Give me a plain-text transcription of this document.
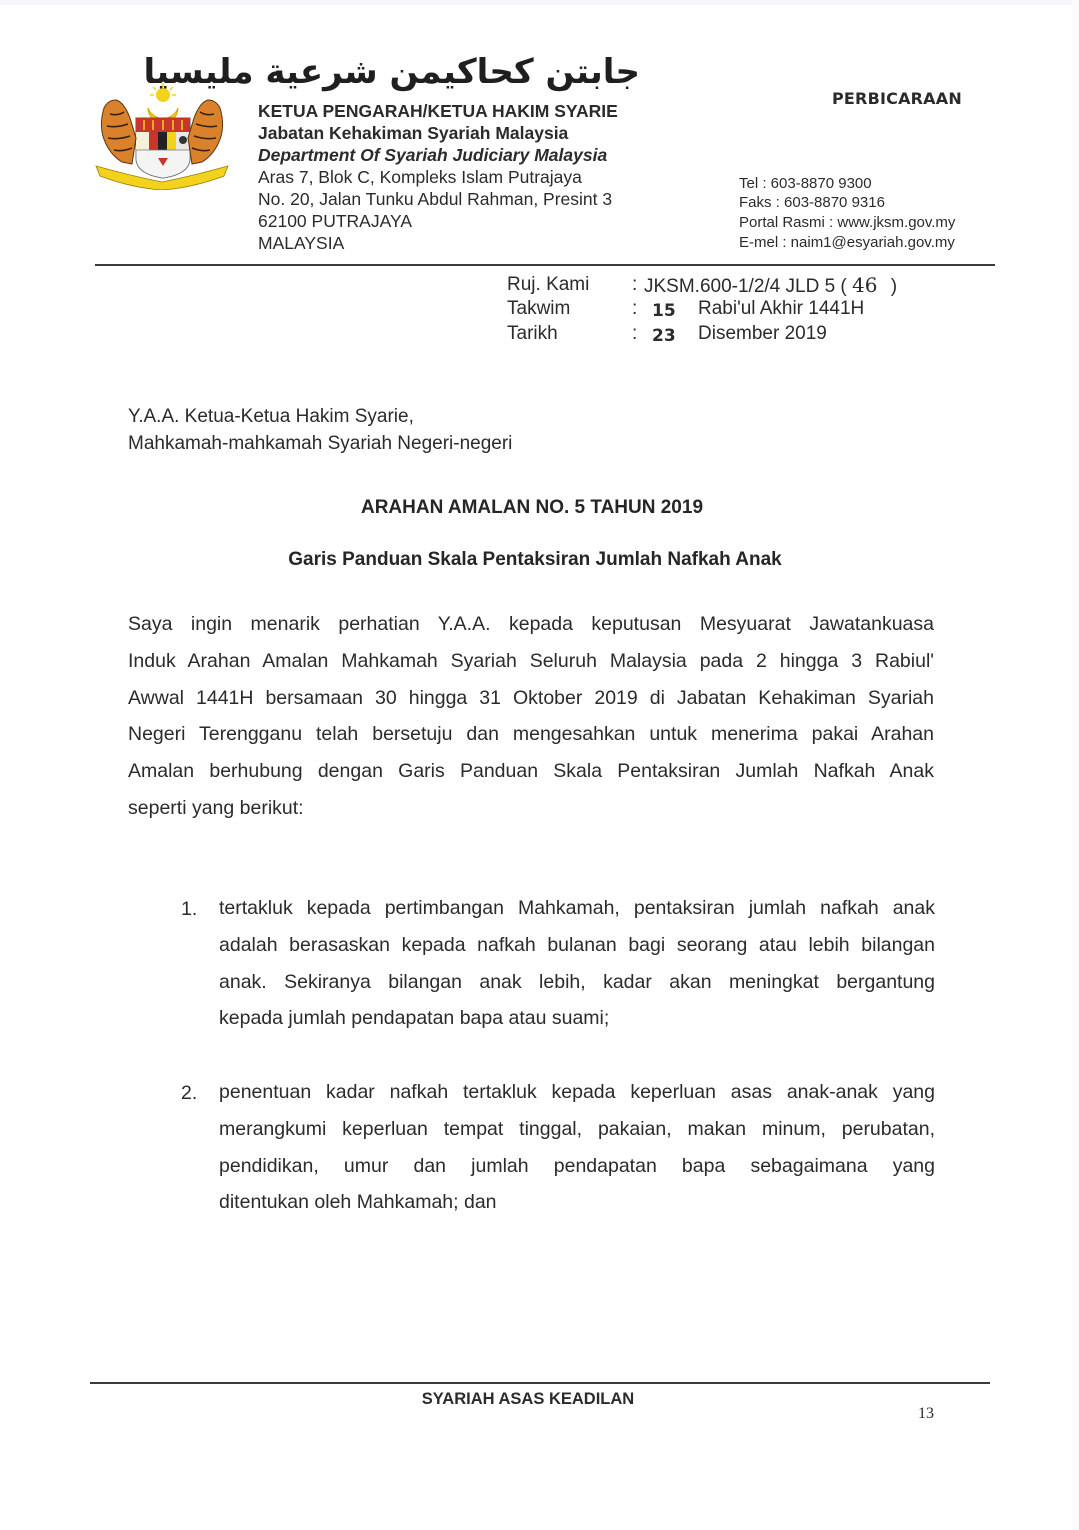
جابتن كحاكيمن شرعية مليسيا
KETUA PENGARAH/KETUA HAKIM SYARIE
Jabatan Kehakiman Syariah Malaysia
Department Of Syariah Judiciary Malaysia
Aras 7, Blok C, Kompleks Islam Putrajaya
No. 20, Jalan Tunku Abdul Rahman, Presint 3
62100 PUTRAJAYA
MALAYSIA
PERBICARAAN
Tel : 603-8870 9300
Faks : 603-8870 9316
Portal Rasmi : www.jksm.gov.my
E-mel : naim1@esyariah.gov.my
Ruj. Kami : JKSM.600-1/2/4 JLD 5 ( 46 )
Takwim	: 15 Rabi'ul Akhir 1441H
Tarikh	: 23 Disember 2019
Y.A.A. Ketua-Ketua Hakim Syarie,
Mahkamah-mahkamah Syariah Negeri-negeri
ARAHAN AMALAN NO. 5 TAHUN 2019
Garis Panduan Skala Pentaksiran Jumlah Nafkah Anak
Saya ingin menarik perhatian Y.A.A. kepada keputusan Mesyuarat Jawatankuasa
Induk Arahan Amalan Mahkamah Syariah Seluruh Malaysia pada 2 hingga 3 Rabiul'
Awwal 1441H bersamaan 30 hingga 31 Oktober 2019 di Jabatan Kehakiman Syariah
Negeri Terengganu telah bersetuju dan mengesahkan untuk menerima pakai Arahan
Amalan berhubung dengan Garis Panduan Skala Pentaksiran Jumlah Nafkah Anak
seperti yang berikut:
1. tertakluk kepada pertimbangan Mahkamah, pentaksiran jumlah nafkah anak
adalah berasaskan kepada nafkah bulanan bagi seorang atau lebih bilangan
anak. Sekiranya bilangan anak lebih, kadar akan meningkat bergantung
kepada jumlah pendapatan bapa atau suami;
2. penentuan kadar nafkah tertakluk kepada keperluan asas anak-anak yang
merangkumi keperluan tempat tinggal, pakaian, makan minum, perubatan,
pendidikan, umur dan jumlah pendapatan bapa sebagaimana yang
ditentukan oleh Mahkamah; dan
SYARIAH ASAS KEADILAN
13
